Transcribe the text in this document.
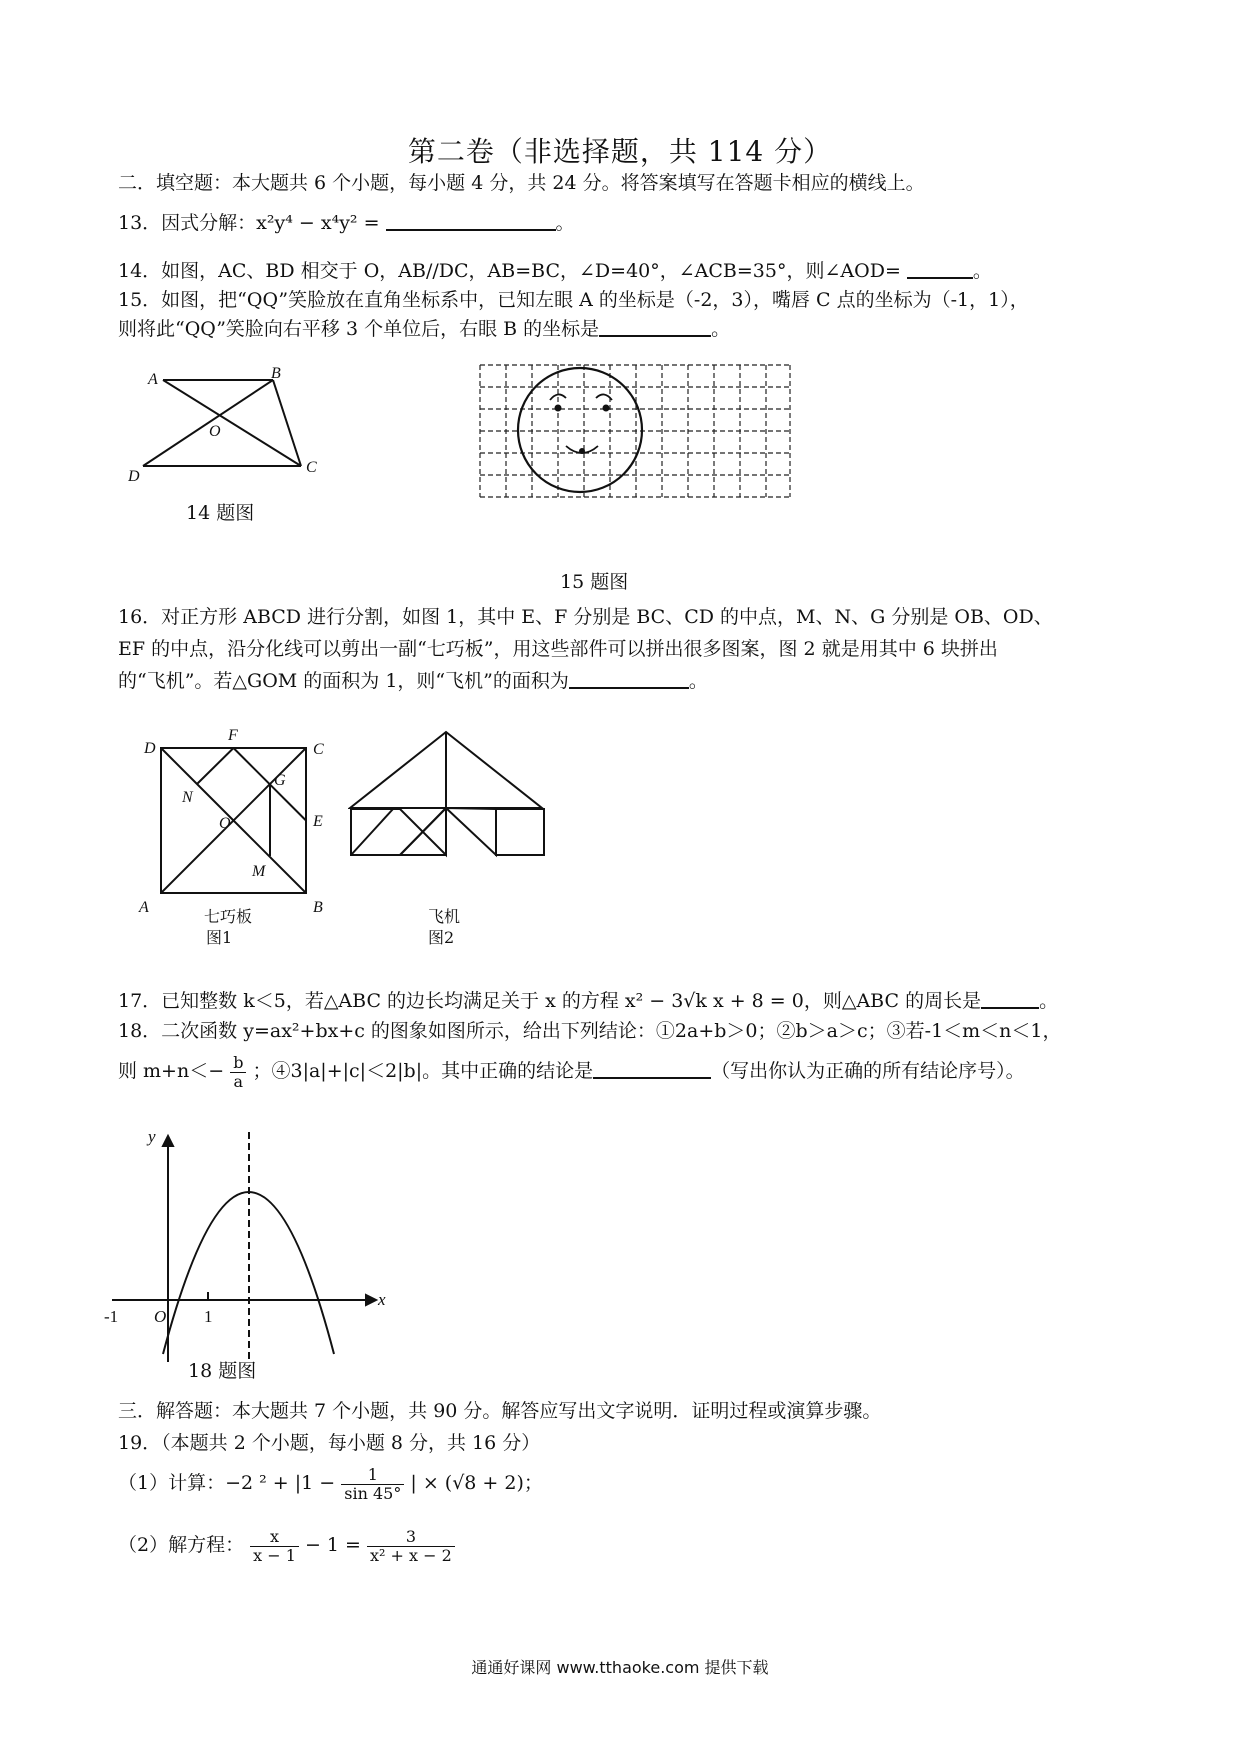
第二卷（非选择题，共 114 分）
二．填空题：本大题共 6 个小题，每小题 4 分，共 24 分。将答案填写在答题卡相应的横线上。
13．因式分解：x²y⁴ − x⁴y² =	。
14．如图，AC、BD 相交于 O，AB//DC，AB=BC，∠D=40°，∠ACB=35°，则∠AOD=	。
15．如图，把“QQ”笑脸放在直角坐标系中，已知左眼 A 的坐标是（-2，3），嘴唇 C 点的坐标为（-1，1），
则将此“QQ”笑脸向右平移 3 个单位后，右眼 B 的坐标是	。
A	B
C
D
O
14 题图
15 题图
16．对正方形 ABCD 进行分割，如图 1，其中 E、F 分别是 BC、CD 的中点，M、N、G 分别是 OB、OD、
EF 的中点，沿分化线可以剪出一副“七巧板”，用这些部件可以拼出很多图案，图 2 就是用其中 6 块拼出
的“飞机”。若△GOM 的面积为 1，则“飞机”的面积为	。
D
F
C
G
N
O	E
M
A	B
七巧板
图1
飞机
图2
17．已知整数 k＜5，若△ABC 的边长均满足关于 x 的方程 x² − 3√k x + 8 = 0，则△ABC 的周长是	。
18．二次函数 y=ax²+bx+c 的图象如图所示，给出下列结论：①2a+b＞0；②b＞a＞c；③若-1＜m＜n＜1，
则 $m+n<- \frac{b}{a}$ ；④3|a|+|c|＜2|b|。其中正确的结论是	（写出你认为正确的所有结论序号）。
y
x
-1 O 1
18 题图
三．解答题：本大题共 7 个小题，共 90 分。解答应写出文字说明．证明过程或演算步骤。
19．（本题共 2 个小题，每小题 8 分，共 16 分）
（1）计算：−2 $^2 + |1 - \frac{1}{\sin 45^\circ}$ | × (√8 + 2)；
（2）解方程： $\frac{x}{x - 1} - 1 = \frac{3}{\text{x² + x − 2}}$
通通好课网 www.tthaoke.com 提供下载
